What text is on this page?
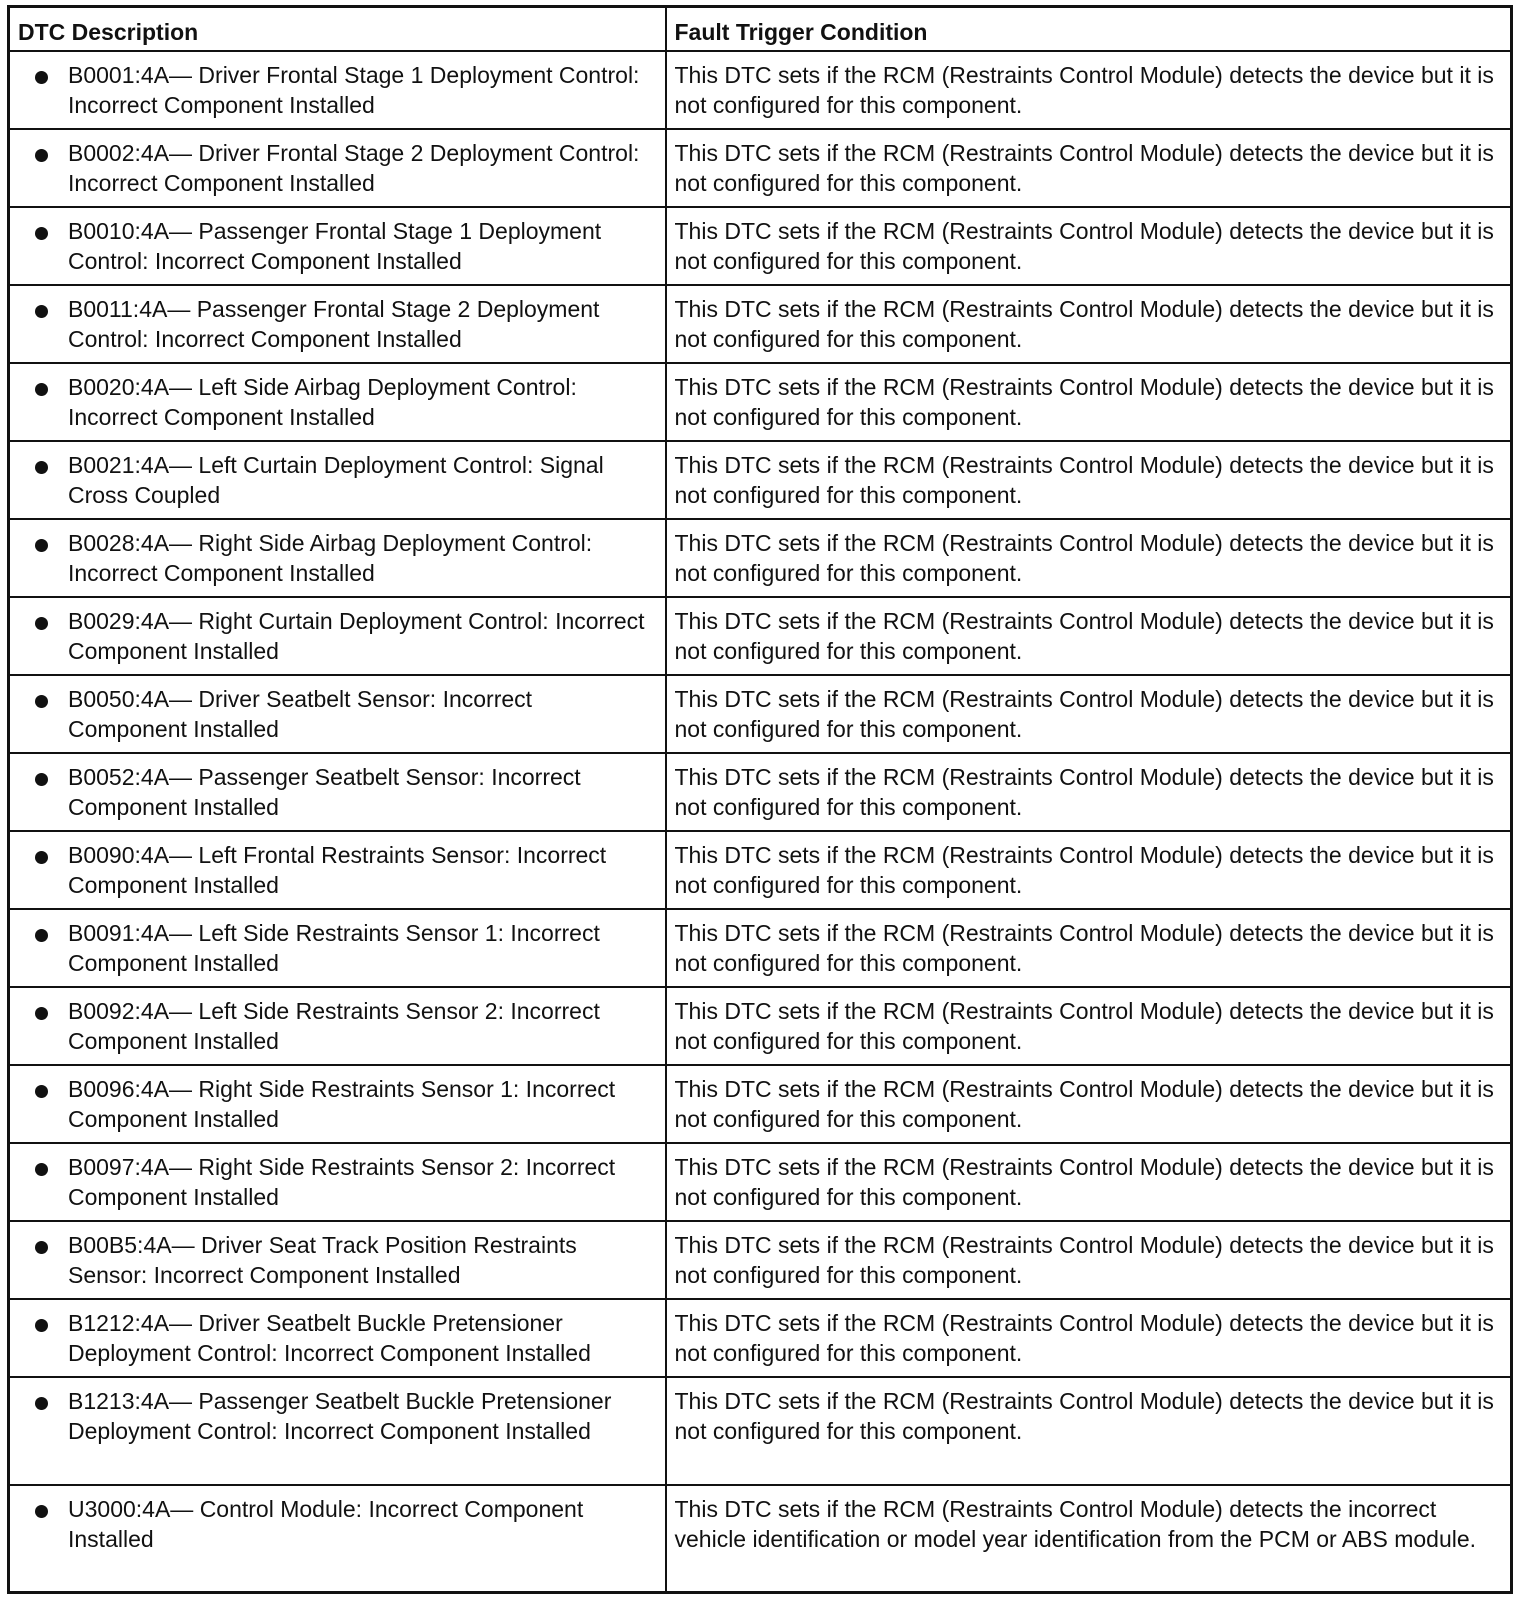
DTC Description	Fault Trigger Condition

B0001:4A— Driver Frontal Stage 1 Deployment Control: Incorrect Component Installed	This DTC sets if the RCM (Restraints Control Module) detects the device but it is not configured for this component.

B0002:4A— Driver Frontal Stage 2 Deployment Control: Incorrect Component Installed	This DTC sets if the RCM (Restraints Control Module) detects the device but it is not configured for this component.

B0010:4A— Passenger Frontal Stage 1 Deployment Control: Incorrect Component Installed	This DTC sets if the RCM (Restraints Control Module) detects the device but it is not configured for this component.

B0011:4A— Passenger Frontal Stage 2 Deployment Control: Incorrect Component Installed	This DTC sets if the RCM (Restraints Control Module) detects the device but it is not configured for this component.

B0020:4A— Left Side Airbag Deployment Control: Incorrect Component Installed	This DTC sets if the RCM (Restraints Control Module) detects the device but it is not configured for this component.

B0021:4A— Left Curtain Deployment Control: Signal Cross Coupled	This DTC sets if the RCM (Restraints Control Module) detects the device but it is not configured for this component.

B0028:4A— Right Side Airbag Deployment Control: Incorrect Component Installed	This DTC sets if the RCM (Restraints Control Module) detects the device but it is not configured for this component.

B0029:4A— Right Curtain Deployment Control: Incorrect Component Installed	This DTC sets if the RCM (Restraints Control Module) detects the device but it is not configured for this component.

B0050:4A— Driver Seatbelt Sensor: Incorrect Component Installed	This DTC sets if the RCM (Restraints Control Module) detects the device but it is not configured for this component.

B0052:4A— Passenger Seatbelt Sensor: Incorrect Component Installed	This DTC sets if the RCM (Restraints Control Module) detects the device but it is not configured for this component.

B0090:4A— Left Frontal Restraints Sensor: Incorrect Component Installed	This DTC sets if the RCM (Restraints Control Module) detects the device but it is not configured for this component.

B0091:4A— Left Side Restraints Sensor 1: Incorrect Component Installed	This DTC sets if the RCM (Restraints Control Module) detects the device but it is not configured for this component.

B0092:4A— Left Side Restraints Sensor 2: Incorrect Component Installed	This DTC sets if the RCM (Restraints Control Module) detects the device but it is not configured for this component.

B0096:4A— Right Side Restraints Sensor 1: Incorrect Component Installed	This DTC sets if the RCM (Restraints Control Module) detects the device but it is not configured for this component.

B0097:4A— Right Side Restraints Sensor 2: Incorrect Component Installed	This DTC sets if the RCM (Restraints Control Module) detects the device but it is not configured for this component.

B00B5:4A— Driver Seat Track Position Restraints Sensor: Incorrect Component Installed	This DTC sets if the RCM (Restraints Control Module) detects the device but it is not configured for this component.

B1212:4A— Driver Seatbelt Buckle Pretensioner Deployment Control: Incorrect Component Installed	This DTC sets if the RCM (Restraints Control Module) detects the device but it is not configured for this component.

B1213:4A— Passenger Seatbelt Buckle Pretensioner Deployment Control: Incorrect Component Installed	This DTC sets if the RCM (Restraints Control Module) detects the device but it is not configured for this component.

U3000:4A— Control Module: Incorrect Component Installed	This DTC sets if the RCM (Restraints Control Module) detects the incorrect vehicle identification or model year identification from the PCM or ABS module.
